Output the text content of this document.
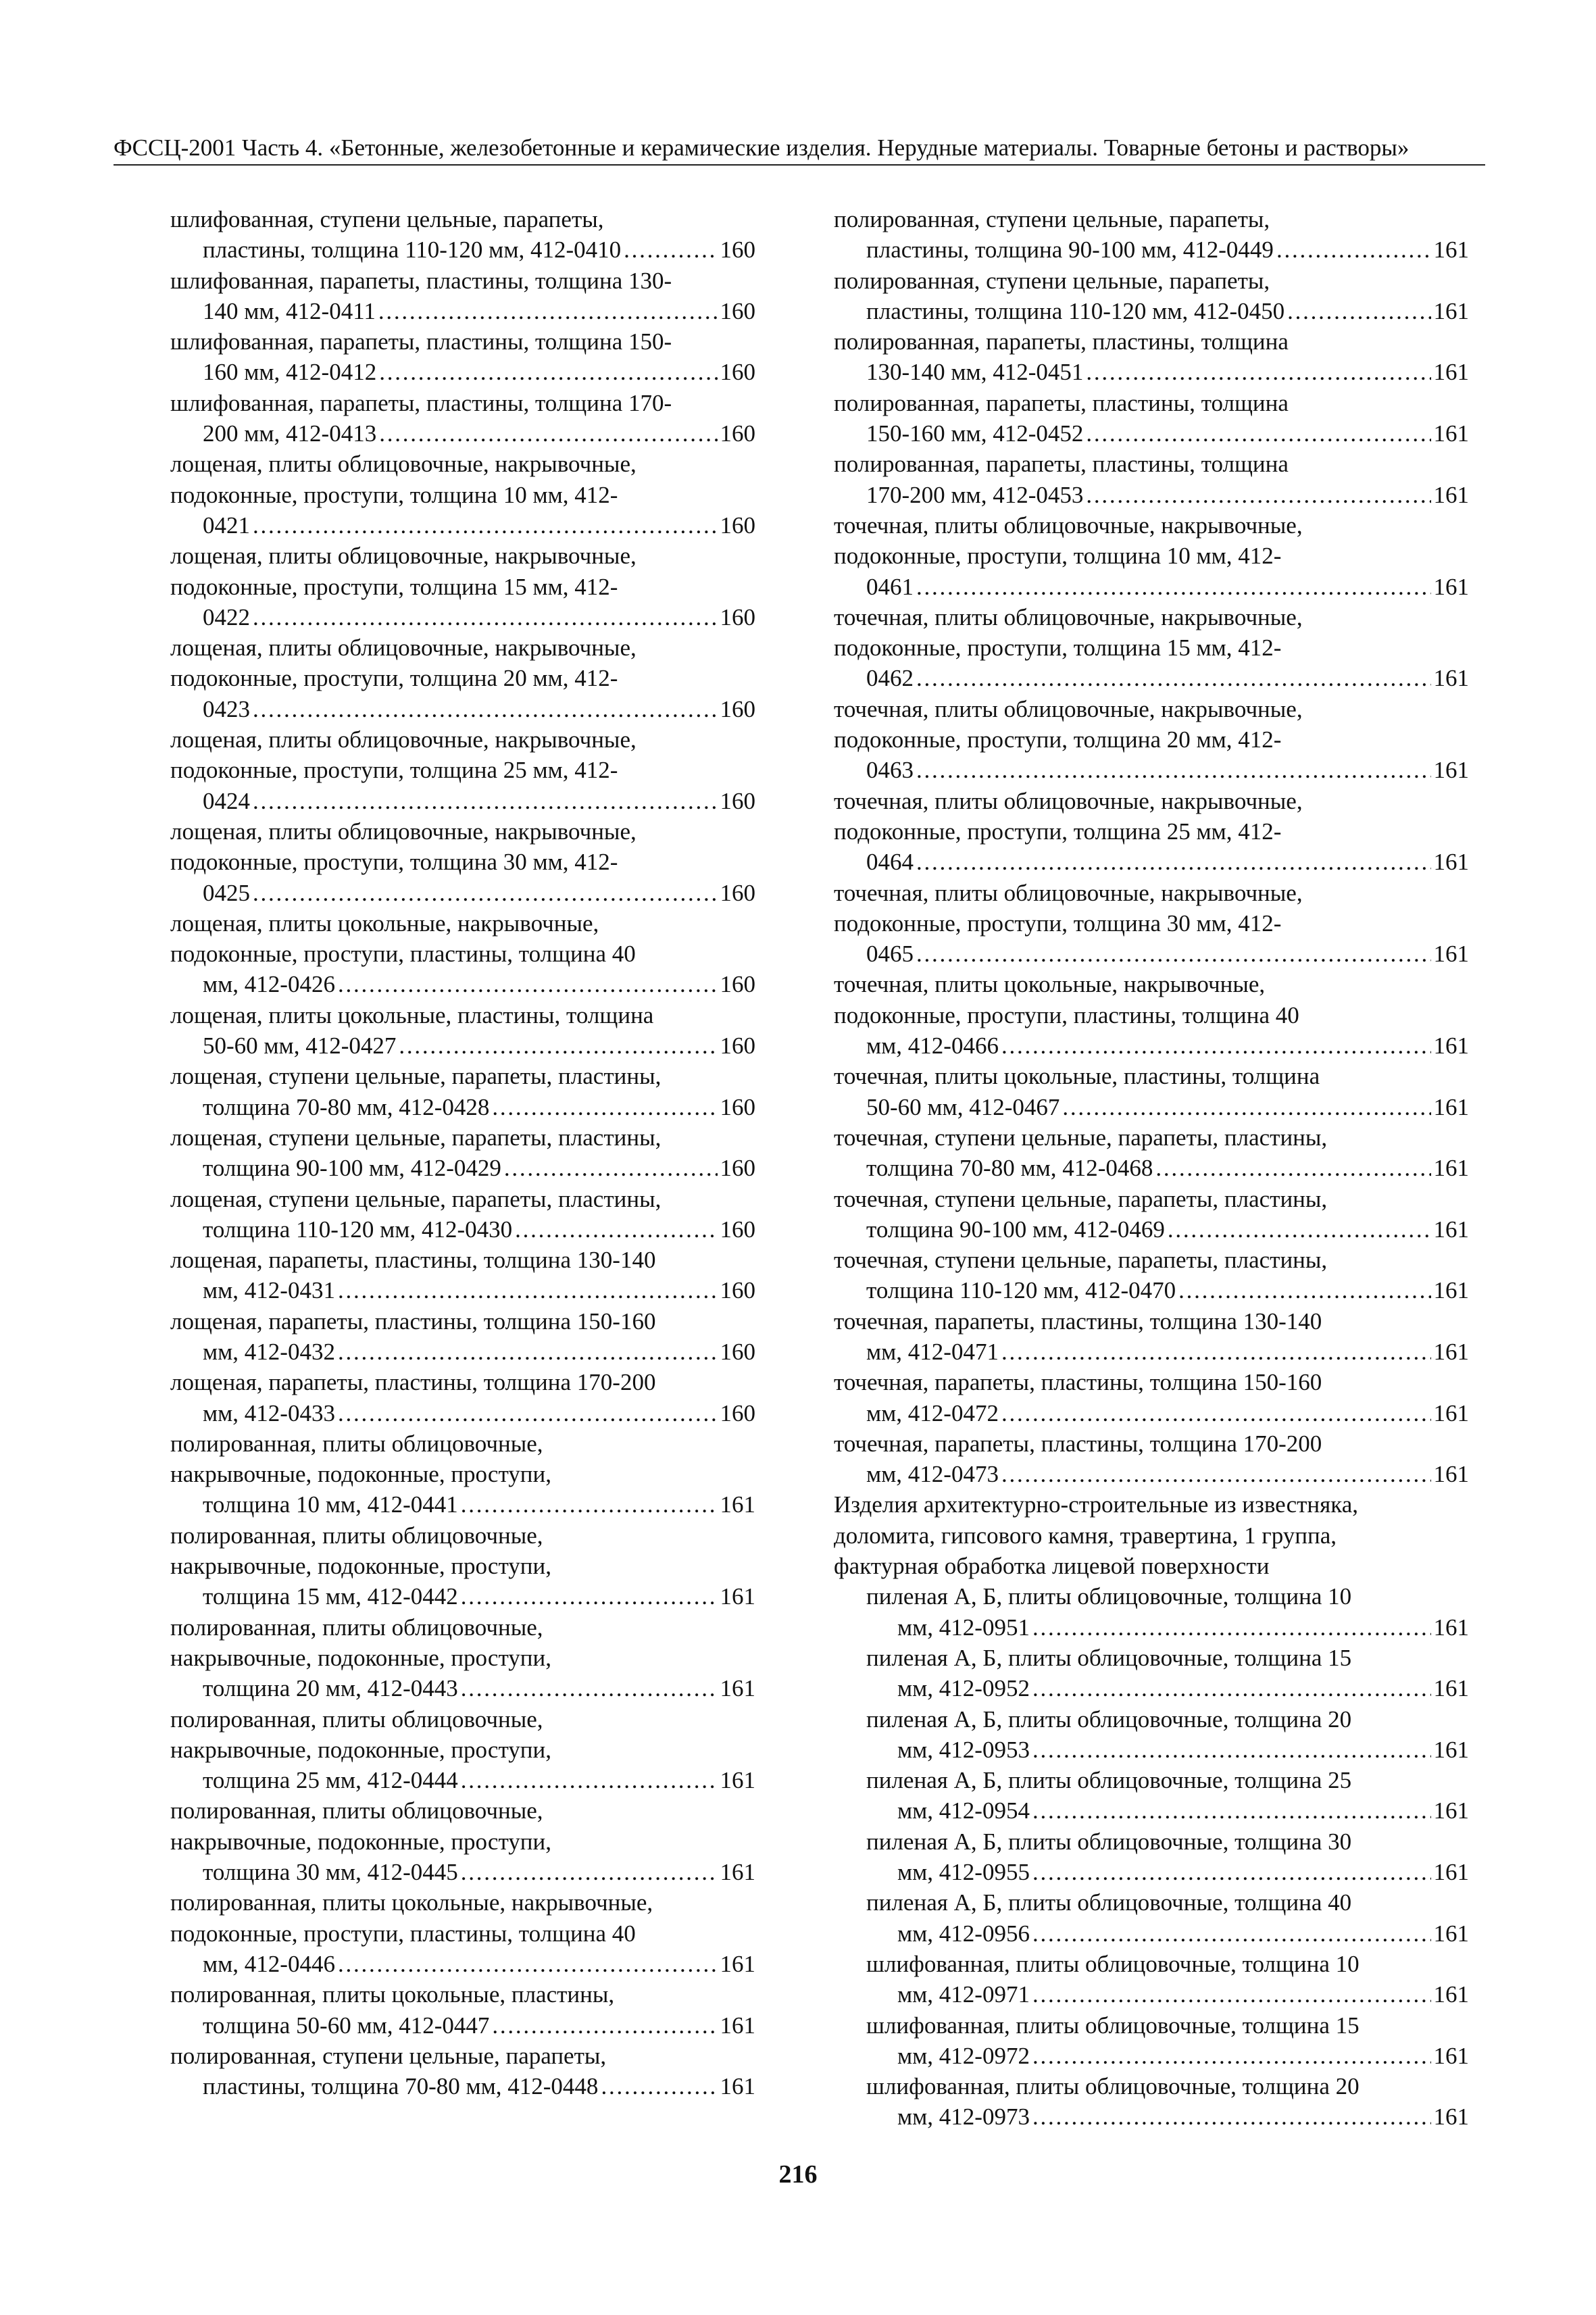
ФССЦ-2001 Часть 4. «Бетонные, железобетонные и керамические изделия. Нерудные материалы. Товарные бетоны и растворы»
шлифованная, ступени цельные, парапеты,
пластины, толщина 110-120 мм, 412-0410 . . .	160
шлифованная, парапеты, пластины, толщина 130-
140 мм, 412-0411 . . .	160
шлифованная, парапеты, пластины, толщина 150-
160 мм, 412-0412 . . .	160
шлифованная, парапеты, пластины, толщина 170-
200 мм, 412-0413 . . .	160
лощеная, плиты облицовочные, накрывочные,
подоконные, проступи, толщина 10 мм, 412-
0421 . . .	160
лощеная, плиты облицовочные, накрывочные,
подоконные, проступи, толщина 15 мм, 412-
0422 . . .	160
лощеная, плиты облицовочные, накрывочные,
подоконные, проступи, толщина 20 мм, 412-
0423 . . .	160
лощеная, плиты облицовочные, накрывочные,
подоконные, проступи, толщина 25 мм, 412-
0424 . . .	160
лощеная, плиты облицовочные, накрывочные,
подоконные, проступи, толщина 30 мм, 412-
0425 . . .	160
лощеная, плиты цокольные, накрывочные,
подоконные, проступи, пластины, толщина 40
мм, 412-0426 . . .	160
лощеная, плиты цокольные, пластины, толщина
50-60 мм, 412-0427 . . .	160
лощеная, ступени цельные, парапеты, пластины,
толщина 70-80 мм, 412-0428 . . .	160
лощеная, ступени цельные, парапеты, пластины,
толщина 90-100 мм, 412-0429 . . .	160
лощеная, ступени цельные, парапеты, пластины,
толщина 110-120 мм, 412-0430 . . .	160
лощеная, парапеты, пластины, толщина 130-140
мм, 412-0431 . . .	160
лощеная, парапеты, пластины, толщина 150-160
мм, 412-0432 . . .	160
лощеная, парапеты, пластины, толщина 170-200
мм, 412-0433 . . .	160
полированная, плиты облицовочные,
накрывочные, подоконные, проступи,
толщина 10 мм, 412-0441 . . .	161
полированная, плиты облицовочные,
накрывочные, подоконные, проступи,
толщина 15 мм, 412-0442 . . .	161
полированная, плиты облицовочные,
накрывочные, подоконные, проступи,
толщина 20 мм, 412-0443 . . .	161
полированная, плиты облицовочные,
накрывочные, подоконные, проступи,
толщина 25 мм, 412-0444 . . .	161
полированная, плиты облицовочные,
накрывочные, подоконные, проступи,
толщина 30 мм, 412-0445 . . .	161
полированная, плиты цокольные, накрывочные,
подоконные, проступи, пластины, толщина 40
мм, 412-0446 . . .	161
полированная, плиты цокольные, пластины,
толщина 50-60 мм, 412-0447 . . .	161
полированная, ступени цельные, парапеты,
пластины, толщина 70-80 мм, 412-0448 . . .	161
полированная, ступени цельные, парапеты,
пластины, толщина 90-100 мм, 412-0449 . . .	161
полированная, ступени цельные, парапеты,
пластины, толщина 110-120 мм, 412-0450 . . .	161
полированная, парапеты, пластины, толщина
130-140 мм, 412-0451 . . .	161
полированная, парапеты, пластины, толщина
150-160 мм, 412-0452 . . .	161
полированная, парапеты, пластины, толщина
170-200 мм, 412-0453 . . .	161
точечная, плиты облицовочные, накрывочные,
подоконные, проступи, толщина 10 мм, 412-
0461 . . .	161
точечная, плиты облицовочные, накрывочные,
подоконные, проступи, толщина 15 мм, 412-
0462 . . .	161
точечная, плиты облицовочные, накрывочные,
подоконные, проступи, толщина 20 мм, 412-
0463 . . .	161
точечная, плиты облицовочные, накрывочные,
подоконные, проступи, толщина 25 мм, 412-
0464 . . .	161
точечная, плиты облицовочные, накрывочные,
подоконные, проступи, толщина 30 мм, 412-
0465 . . .	161
точечная, плиты цокольные, накрывочные,
подоконные, проступи, пластины, толщина 40
мм, 412-0466 . . .	161
точечная, плиты цокольные, пластины, толщина
50-60 мм, 412-0467 . . .	161
точечная, ступени цельные, парапеты, пластины,
толщина 70-80 мм, 412-0468 . . .	161
точечная, ступени цельные, парапеты, пластины,
толщина 90-100 мм, 412-0469 . . .	161
точечная, ступени цельные, парапеты, пластины,
толщина 110-120 мм, 412-0470 . . .	161
точечная, парапеты, пластины, толщина 130-140
мм, 412-0471 . . .	161
точечная, парапеты, пластины, толщина 150-160
мм, 412-0472 . . .	161
точечная, парапеты, пластины, толщина 170-200
мм, 412-0473 . . .	161
Изделия архитектурно-строительные из известняка,
доломита, гипсового камня, травертина, 1 группа,
фактурная обработка лицевой поверхности
пиленая А, Б, плиты облицовочные, толщина 10
мм, 412-0951 . . .	161
пиленая А, Б, плиты облицовочные, толщина 15
мм, 412-0952 . . .	161
пиленая А, Б, плиты облицовочные, толщина 20
мм, 412-0953 . . .	161
пиленая А, Б, плиты облицовочные, толщина 25
мм, 412-0954 . . .	161
пиленая А, Б, плиты облицовочные, толщина 30
мм, 412-0955 . . .	161
пиленая А, Б, плиты облицовочные, толщина 40
мм, 412-0956 . . .	161
шлифованная, плиты облицовочные, толщина 10
мм, 412-0971 . . .	161
шлифованная, плиты облицовочные, толщина 15
мм, 412-0972 . . .	161
шлифованная, плиты облицовочные, толщина 20
мм, 412-0973 . . .	161
216
